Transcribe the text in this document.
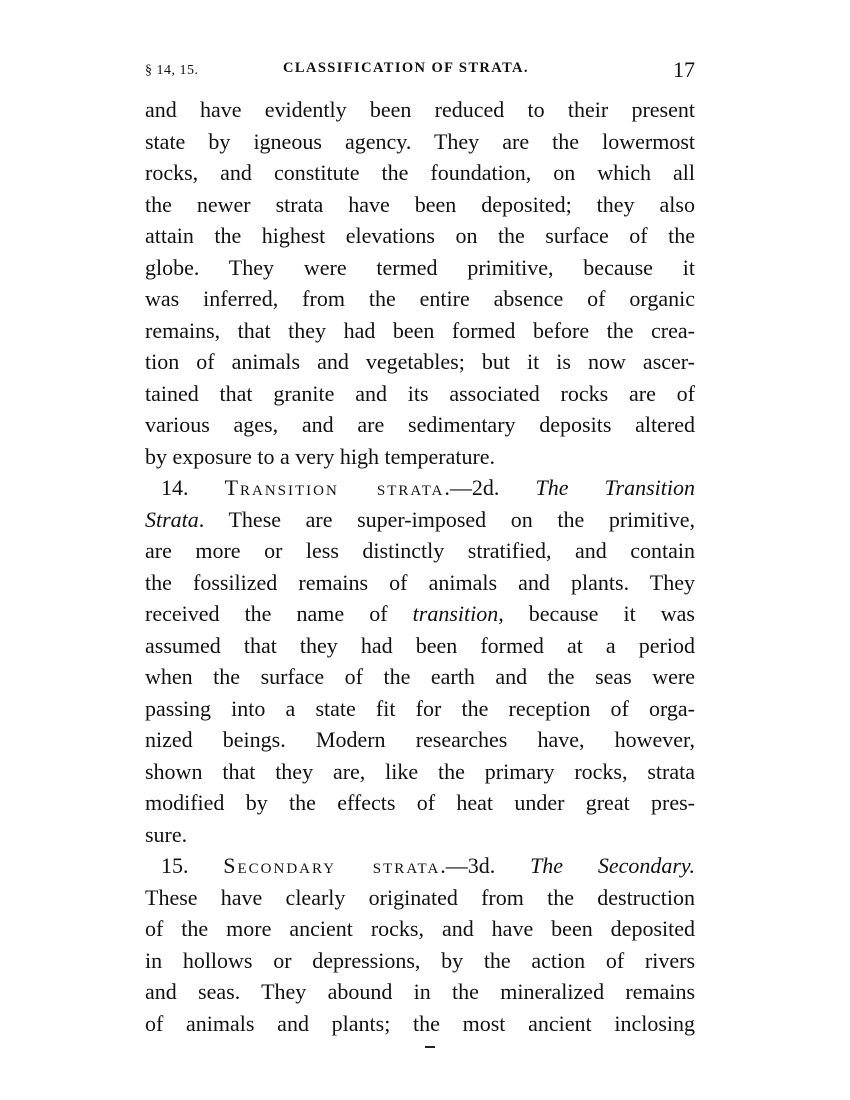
§ 14, 15.	CLASSIFICATION OF STRATA.	17
and have evidently been reduced to their present
state by igneous agency. They are the lowermost
rocks, and constitute the foundation, on which all
the newer strata have been deposited; they also
attain the highest elevations on the surface of the
globe. They were termed primitive, because it
was inferred, from the entire absence of organic
remains, that they had been formed before the crea-
tion of animals and vegetables; but it is now ascer-
tained that granite and its associated rocks are of
various ages, and are sedimentary deposits altered
by exposure to a very high temperature.
14. Transition strata.—2d. The Transition
Strata. These are super-imposed on the primitive,
are more or less distinctly stratified, and contain
the fossilized remains of animals and plants. They
received the name of transition, because it was
assumed that they had been formed at a period
when the surface of the earth and the seas were
passing into a state fit for the reception of orga-
nized beings. Modern researches have, however,
shown that they are, like the primary rocks, strata
modified by the effects of heat under great pres-
sure.
15. Secondary strata.—3d. The Secondary.
These have clearly originated from the destruction
of the more ancient rocks, and have been deposited
in hollows or depressions, by the action of rivers
and seas. They abound in the mineralized remains
of animals and plants; the most ancient inclosing
